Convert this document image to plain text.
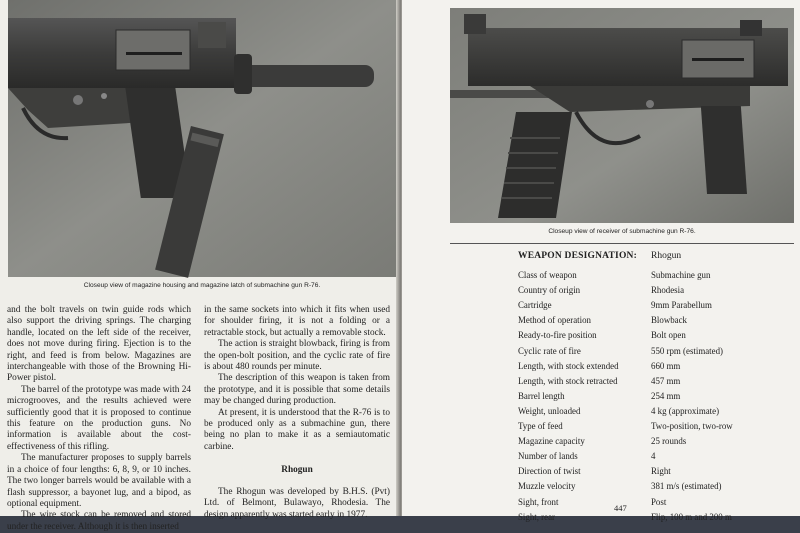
Closeup view of magazine housing and magazine latch of submachine gun R-76.

and the bolt travels on twin guide rods which also support the driving springs. The charging handle, located on the left side of the receiver, does not move during firing. Ejection is to the right, and feed is from below. Magazines are interchangeable with those of the Browning Hi-Power pistol.

The barrel of the prototype was made with 24 microgrooves, and the results achieved were sufficiently good that it is proposed to continue this feature on the production guns. No information is available about the cost-effectiveness of this rifling.

The manufacturer proposes to supply barrels in a choice of four lengths: 6, 8, 9, or 10 inches. The two longer barrels would be available with a flash suppressor, a bayonet lug, and a bipod, as optional equipment.

The wire stock can be removed and stored under the receiver. Although it is then inserted

in the same sockets into which it fits when used for shoulder firing, it is not a folding or a retractable stock, but actually a removable stock.

The action is straight blowback, firing is from the open-bolt position, and the cyclic rate of fire is about 480 rounds per minute.

The description of this weapon is taken from the prototype, and it is possible that some details may be changed during production.

At present, it is understood that the R-76 is to be produced only as a submachine gun, there being no plan to make it as a semiautomatic carbine.

Rhogun

The Rhogun was developed by B.H.S. (Pvt) Ltd. of Belmont, Bulawayo, Rhodesia. The design apparently was started early in 1977.

Closeup view of receiver of submachine gun R-76.
WEAPON DESIGNATION: Rhogun
Class of weapon	Submachine gun
Country of origin	Rhodesia
Cartridge	9mm Parabellum
Method of operation	Blowback
Ready-to-fire position	Bolt open
Cyclic rate of fire	550 rpm (estimated)
Length, with stock extended	660 mm
Length, with stock retracted	457 mm
Barrel length	254 mm
Weight, unloaded	4 kg (approximate)
Type of feed	Two-position, two-row
Magazine capacity	25 rounds
Number of lands	4
Direction of twist	Right
Muzzle velocity	381 m/s (estimated)
Sight, front	Post
Sight, rear	Flip, 100 m and 200 m
447
